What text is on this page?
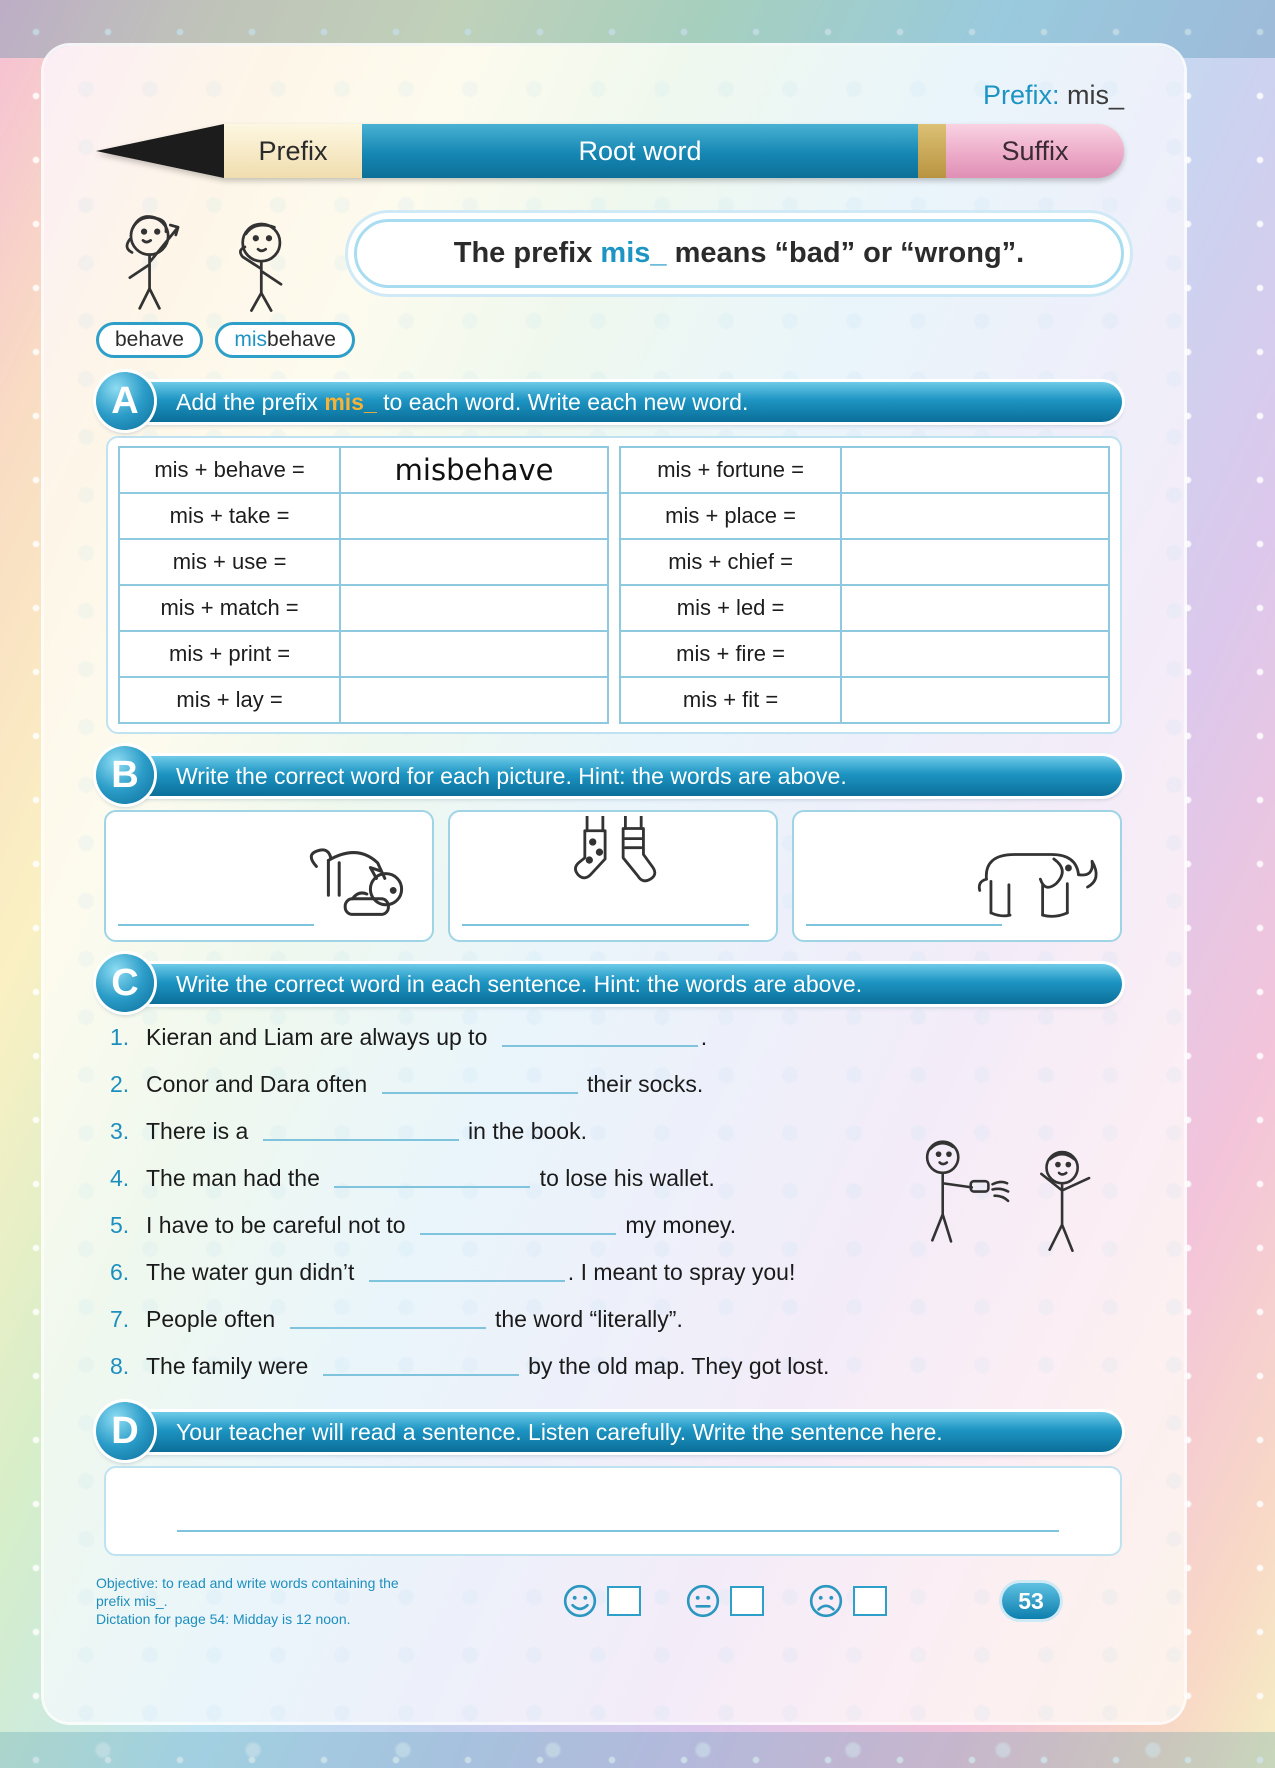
Prefix: mis_
Prefix	Root word	Suffix
The prefix mis_ means “bad” or “wrong”.
behave misbehave
A	Add the prefix mis_ to each word. Write each new word.
mis + behave =	misbehave
mis + take =
mis + use =
mis + match =
mis + print =
mis + lay =
mis + fortune =
mis + place =
mis + chief =
mis + led =
mis + fire =
mis + fit =
B	Write the correct word for each picture. Hint: the words are above.
C	Write the correct word in each sentence. Hint: the words are above.
1. Kieran and Liam are always up to	.
2. Conor and Dara often	their socks.
3. There is a	in the book.
4. The man had the	to lose his wallet.
5. I have to be careful not to	my money.
6. The water gun didn’t	. I meant to spray you!
7. People often	the word “literally”.
8. The family were	by the old map. They got lost.
D	Your teacher will read a sentence. Listen carefully. Write the sentence here.
Objective: to read and write words containing the
prefix mis_.
Dictation for page 54: Midday is 12 noon.
53
